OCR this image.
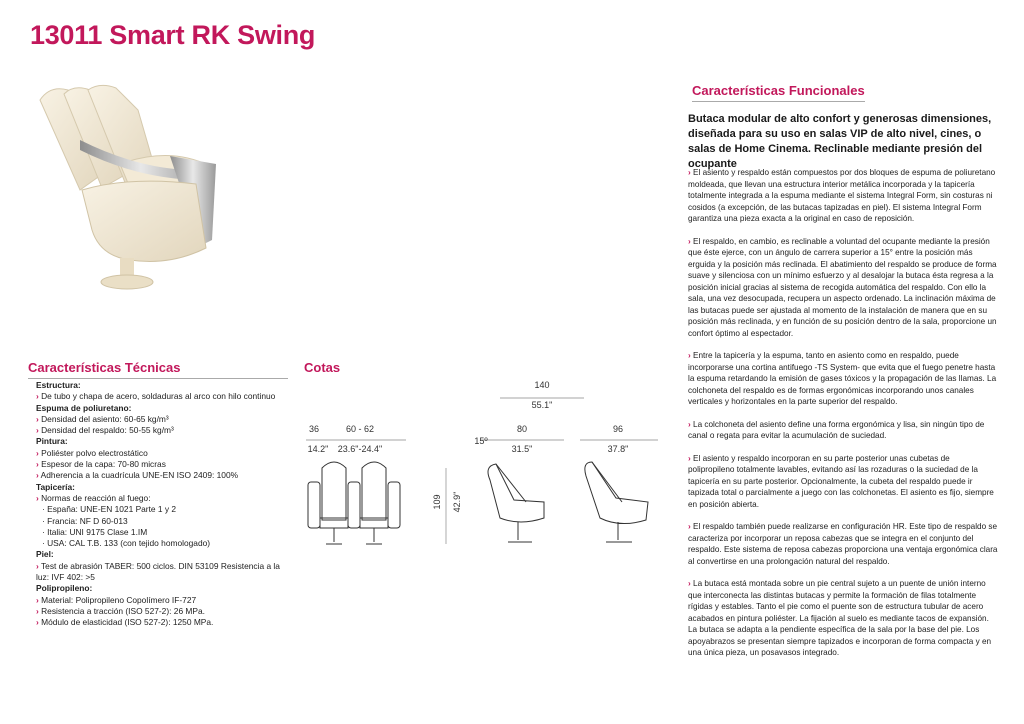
13011 Smart RK Swing
Características Funcionales
Butaca modular de alto confort y generosas dimensiones, diseñada para su uso en salas VIP de alto nivel, cines, o salas de Home Cinema. Reclinable mediante presión del ocupante

› El asiento y respaldo están compuestos por dos bloques de espuma de poliuretano moldeada, que llevan una estructura interior metálica incorporada y la tapicería totalmente integrada a la espuma mediante el sistema Integral Form, sin costuras ni cosidos (a excepción, de las butacas tapizadas en piel). El sistema Integral Form garantiza una pieza exacta a la original en caso de reposición.

› El respaldo, en cambio, es reclinable a voluntad del ocupante mediante la presión que éste ejerce, con un ángulo de carrera superior a 15° entre la posición más erguida y la posición más reclinada. El abatimiento del respaldo se produce de forma suave y silenciosa con un mínimo esfuerzo y al desalojar la butaca ésta regresa a la posición inicial gracias al sistema de recogida automática del respaldo. Con ello la sala, una vez desocupada, recupera un aspecto ordenado. La inclinación máxima de las butacas puede ser ajustada al momento de la instalación de manera que en su posición más reclinada, y en función de su posición dentro de la sala, proporcione un confort óptimo al espectador.

› Entre la tapicería y la espuma, tanto en asiento como en respaldo, puede incorporarse una cortina antifuego -TS System- que evita que el fuego penetre hasta la espuma retardando la emisión de gases tóxicos y la propagación de las llamas. La colchoneta del respaldo es de formas ergonómicas incorporando unos canales verticales y horizontales en la parte superior del respaldo.

› La colchoneta del asiento define una forma ergonómica y lisa, sin ningún tipo de canal o regata para evitar la acumulación de suciedad.

› El asiento y respaldo incorporan en su parte posterior unas cubetas de polipropileno totalmente lavables, evitando así las rozaduras o la suciedad de la tapicería en su parte posterior. Opcionalmente, la cubeta del respaldo puede ir tapizada total o parcialmente a juego con las colchonetas. El asiento es fijo, siempre en posición abierta.

› El respaldo también puede realizarse en configuración HR. Este tipo de respaldo se caracteriza por incorporar un reposa cabezas que se integra en el conjunto del respaldo. Este sistema de reposa cabezas proporciona una ventaja ergonómica clara al convertirse en una prolongación natural del respaldo.

› La butaca está montada sobre un pie central sujeto a un puente de unión interno que interconecta las distintas butacas y permite la formación de filas totalmente rígidas y estables. Tanto el pie como el puente son de estructura tubular de acero acabados en pintura poliéster. La fijación al suelo es mediante tacos de expansión. La butaca se adapta a la pendiente específica de la sala por la base del pie. Los apoyabrazos se presentan siempre tapizados e incorporan de forma compacta y en una única pieza, un posavasos integrado.

Características Técnicas	Cotas
Estructura:
› De tubo y chapa de acero, soldaduras al arco con hilo continuo
Espuma de poliuretano:
› Densidad del asiento: 60-65 kg/m³
› Densidad del respaldo: 50-55 kg/m³
Pintura:
› Poliéster polvo electrostático
› Espesor de la capa: 70-80 micras
› Adherencia a la cuadrícula UNE-EN ISO 2409: 100%
Tapicería:
› Normas de reacción al fuego:
· España: UNE-EN 1021 Parte 1 y 2
· Francia: NF D 60-013
· Italia: UNI 9175 Clase 1.IM
· USA: CAL T.B. 133 (con tejido homologado)
Piel:
› Test de abrasión TABER: 500 ciclos. DIN 53109 Resistencia a la luz: IVF 402: >5
Polipropileno:
› Material: Polipropileno Copolímero IF-727
› Resistencia a tracción (ISO 527-2): 26 MPa.
› Módulo de elasticidad (ISO 527-2): 1250 MPa.
36
14.2"
60 - 62
23.6"-24.4"
109 42.9"
140
55.1"
80
31.5"
96
37.8"
15º
